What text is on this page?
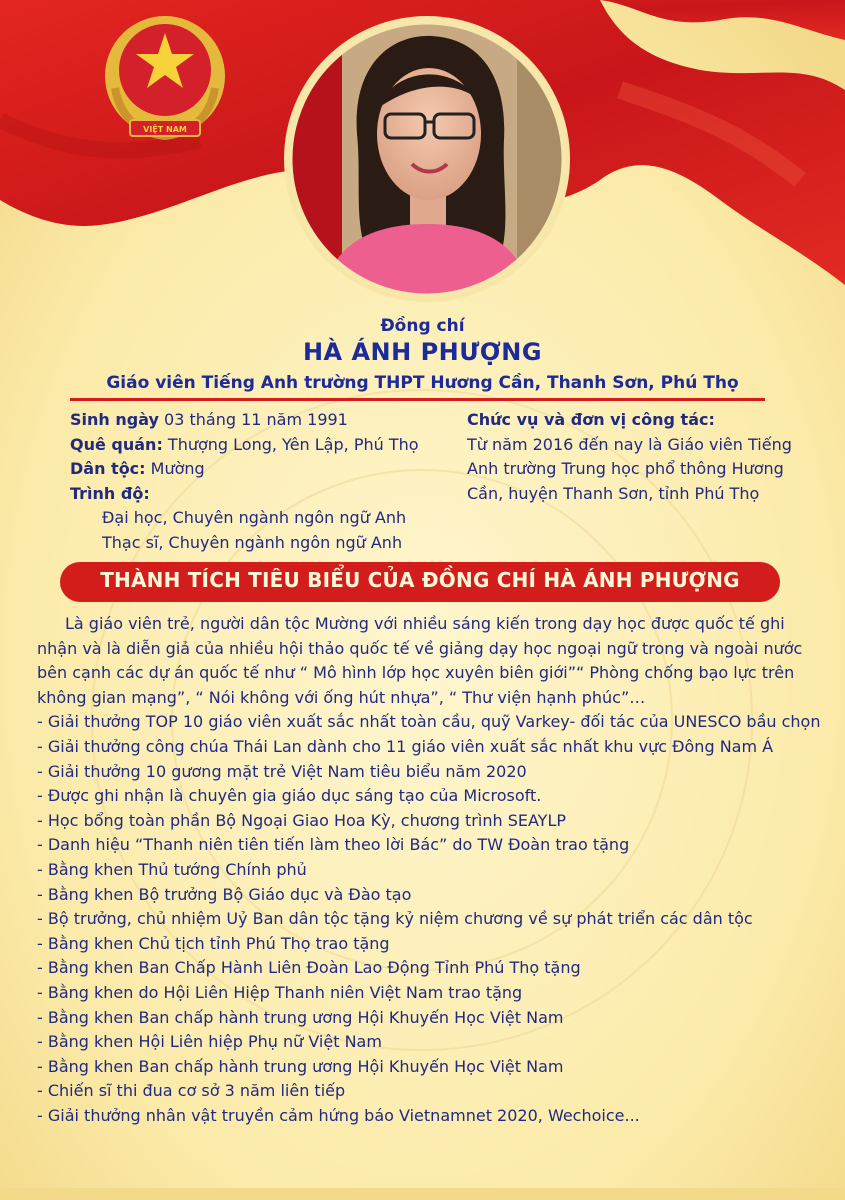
VIỆT NAM
Đồng chí
HÀ ÁNH PHƯỢNG
Giáo viên Tiếng Anh trường THPT Hương Cần, Thanh Sơn, Phú Thọ
Sinh ngày 03 tháng 11 năm 1991
Quê quán: Thượng Long, Yên Lập, Phú Thọ
Dân tộc: Mường
Trình độ:
Đại học, Chuyên ngành ngôn ngữ Anh
Thạc sĩ, Chuyên ngành ngôn ngữ Anh
Chức vụ và đơn vị công tác:
Từ năm 2016 đến nay là Giáo viên Tiếng
Anh trường Trung học phổ thông Hương
Cần, huyện Thanh Sơn, tỉnh Phú Thọ
THÀNH TÍCH TIÊU BIỂU CỦA ĐỒNG CHÍ HÀ ÁNH PHƯỢNG

Là giáo viên trẻ, người dân tộc Mường với nhiều sáng kiến trong dạy học được quốc tế ghi nhận và là diễn giả của nhiều hội thảo quốc tế về giảng dạy học ngoại ngữ trong và ngoài nước bên cạnh các dự án quốc tế như “ Mô hình lớp học xuyên biên giới”“ Phòng chống bạo lực trên không gian mạng”, “ Nói không với ống hút nhựa”, “ Thư viện hạnh phúc”…

- Giải thưởng TOP 10 giáo viên xuất sắc nhất toàn cầu, quỹ Varkey- đối tác của UNESCO bầu chọn

- Giải thưởng công chúa Thái Lan dành cho 11 giáo viên xuất sắc nhất khu vực Đông Nam Á

- Giải thưởng 10 gương mặt trẻ Việt Nam tiêu biểu năm 2020

- Được ghi nhận là chuyên gia giáo dục sáng tạo của Microsoft.

- Học bổng toàn phần Bộ Ngoại Giao Hoa Kỳ, chương trình SEAYLP

- Danh hiệu “Thanh niên tiên tiến làm theo lời Bác” do TW Đoàn trao tặng

- Bằng khen Thủ tướng Chính phủ

- Bằng khen Bộ trưởng Bộ Giáo dục và Đào tạo

- Bộ trưởng, chủ nhiệm Uỷ Ban dân tộc tặng kỷ niệm chương về sự phát triển các dân tộc

- Bằng khen Chủ tịch tỉnh Phú Thọ trao tặng

- Bằng khen Ban Chấp Hành Liên Đoàn Lao Động Tỉnh Phú Thọ tặng

- Bằng khen do Hội Liên Hiệp Thanh niên Việt Nam trao tặng

- Bằng khen Ban chấp hành trung ương Hội Khuyến Học Việt Nam

- Bằng khen Hội Liên hiệp Phụ nữ Việt Nam

- Bằng khen Ban chấp hành trung ương Hội Khuyến Học Việt Nam

- Chiến sĩ thi đua cơ sở 3 năm liên tiếp

- Giải thưởng nhân vật truyền cảm hứng báo Vietnamnet 2020, Wechoice...
